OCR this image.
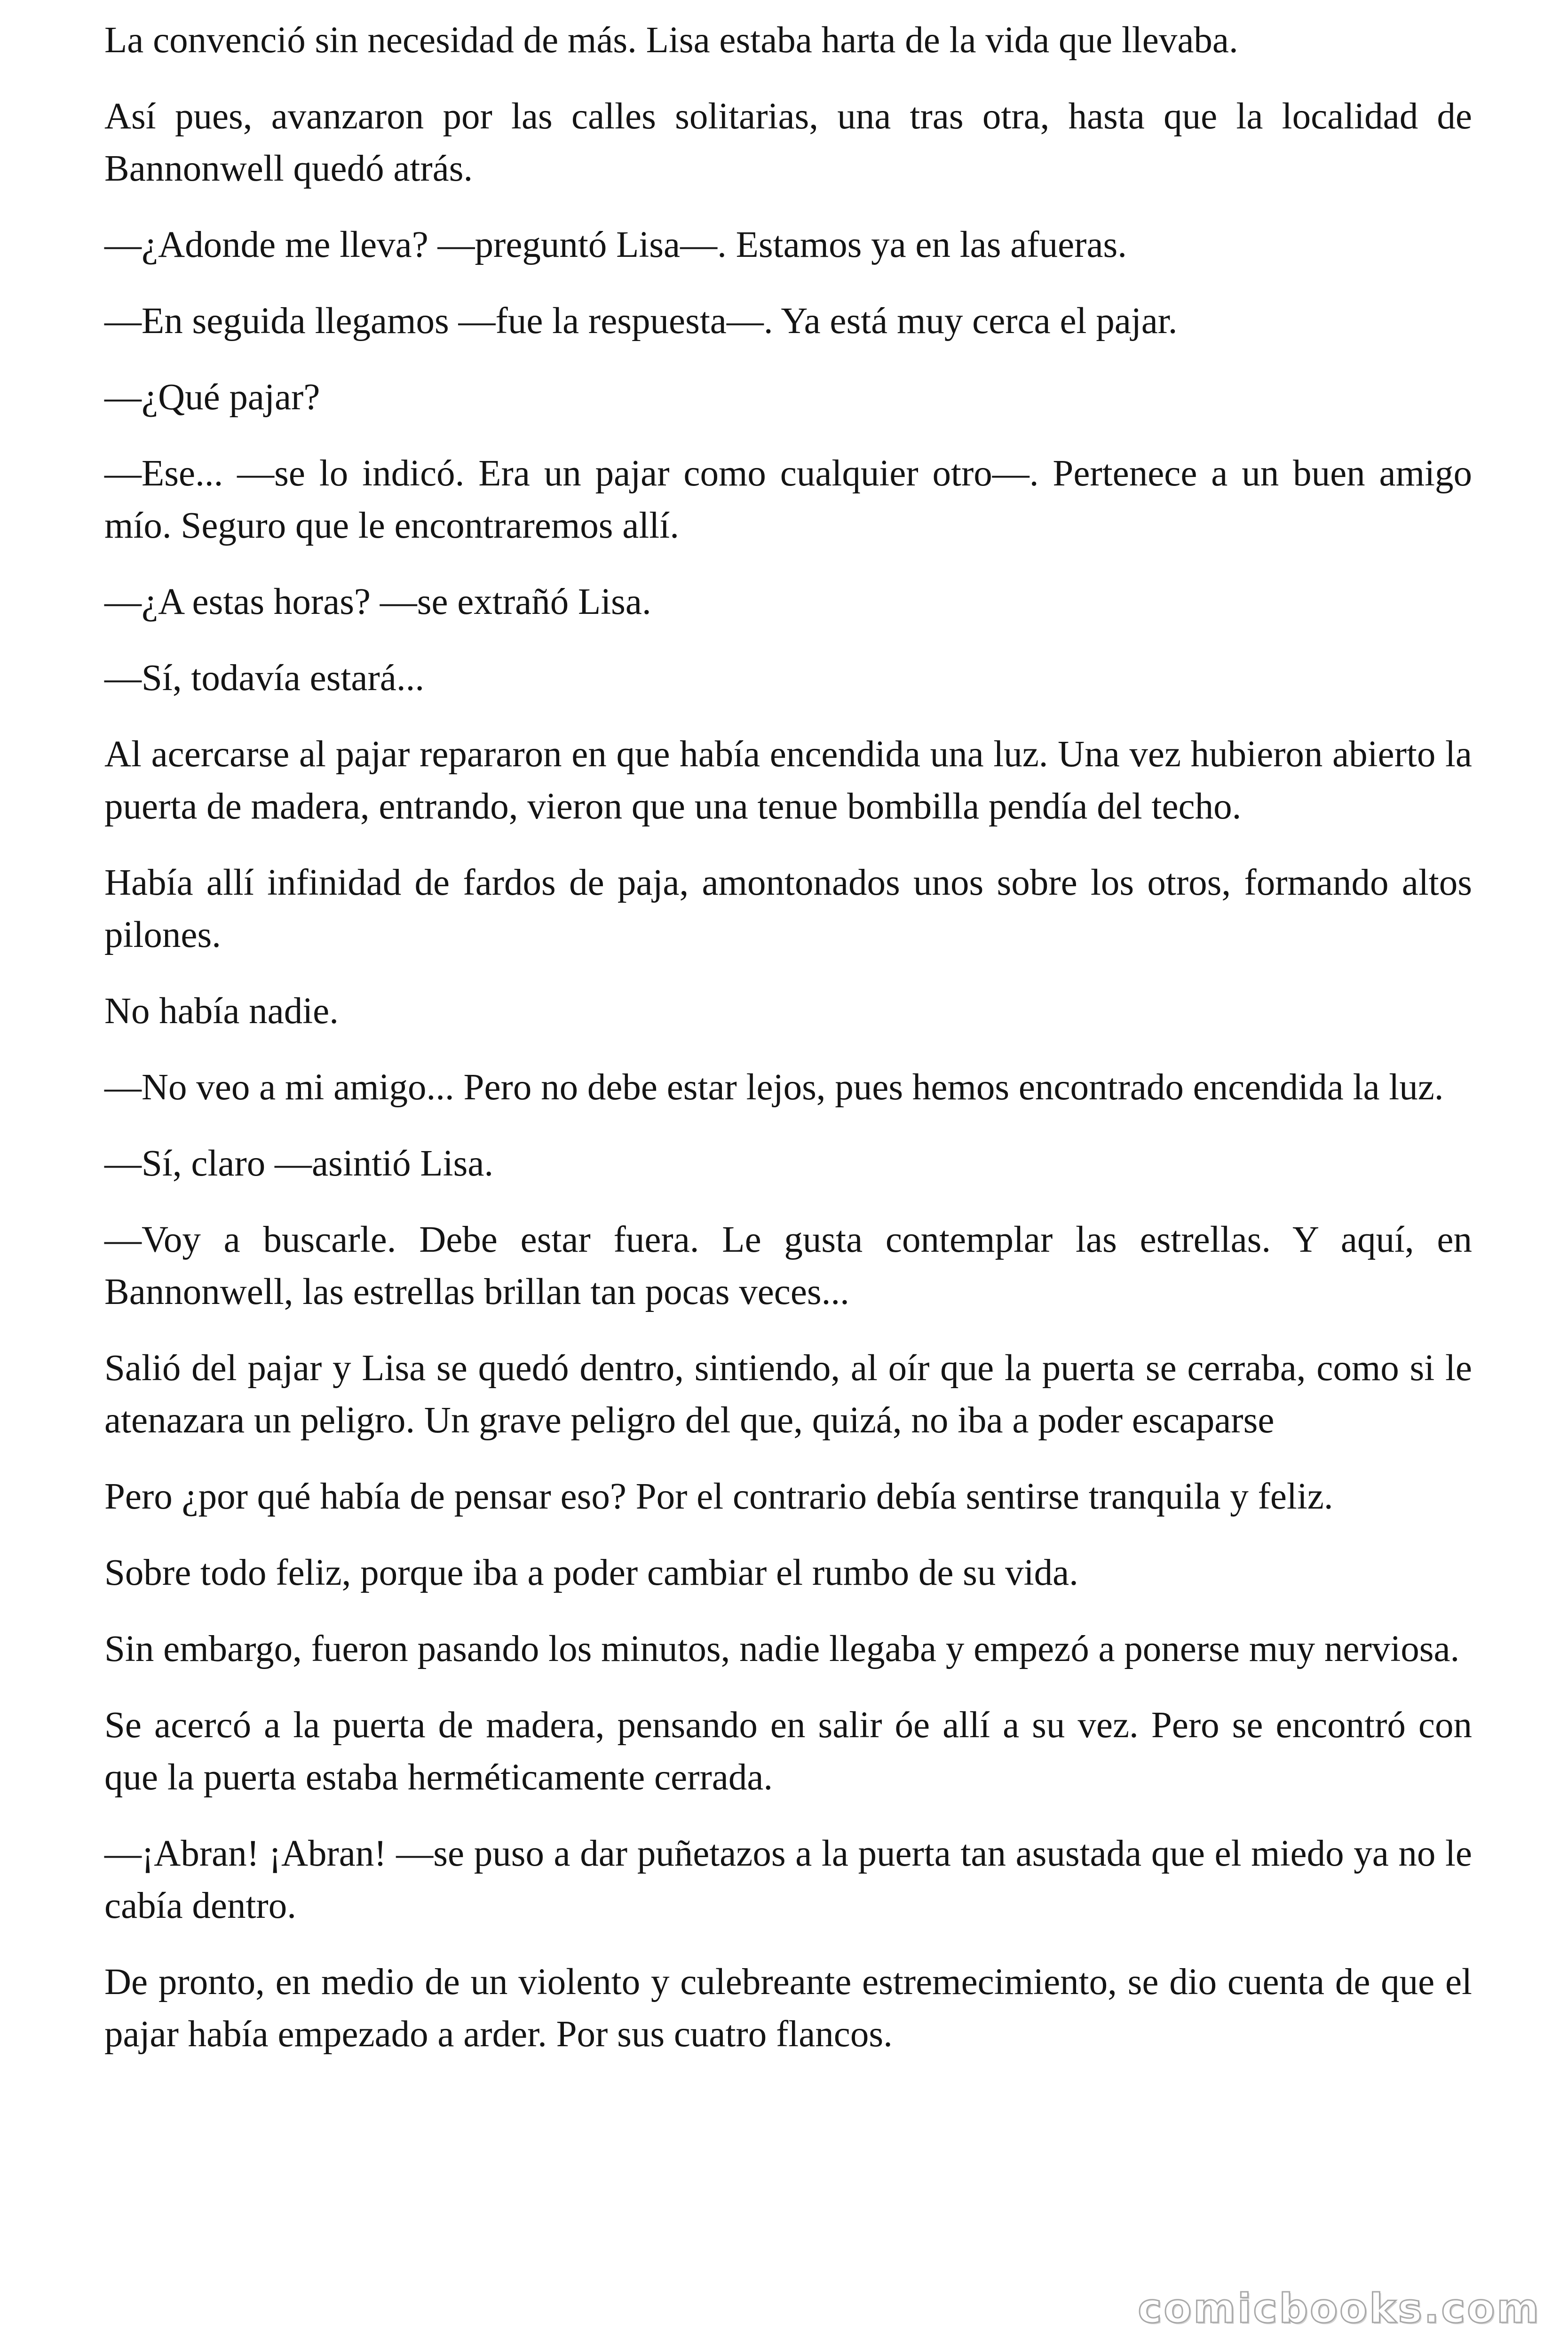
La convenció sin necesidad de más. Lisa estaba harta de la vida que llevaba.

Así pues, avanzaron por las calles solitarias, una tras otra, hasta que la localidad de Bannonwell quedó atrás.

—¿Adonde me lleva? —preguntó Lisa—. Estamos ya en las afueras.

—En seguida llegamos —fue la respuesta—. Ya está muy cerca el pajar.

—¿Qué pajar?

—Ese... —se lo indicó. Era un pajar como cualquier otro—. Pertenece a un buen amigo mío. Seguro que le encontraremos allí.

—¿A estas horas? —se extrañó Lisa.

—Sí, todavía estará...

Al acercarse al pajar repararon en que había encendida una luz. Una vez hubieron abierto la puerta de madera, entrando, vieron que una tenue bombilla pendía del techo.

Había allí infinidad de fardos de paja, amontonados unos sobre los otros, formando altos pilones.

No había nadie.

—No veo a mi amigo... Pero no debe estar lejos, pues hemos encontrado encendida la luz.

—Sí, claro —asintió Lisa.

—Voy a buscarle. Debe estar fuera. Le gusta contemplar las estrellas. Y aquí, en Bannonwell, las estrellas brillan tan pocas veces...

Salió del pajar y Lisa se quedó dentro, sintiendo, al oír que la puerta se cerraba, como si le atenazara un peligro. Un grave peligro del que, quizá, no iba a poder escaparse

Pero ¿por qué había de pensar eso? Por el contrario debía sentirse tranquila y feliz.

Sobre todo feliz, porque iba a poder cambiar el rumbo de su vida.

Sin embargo, fueron pasando los minutos, nadie llegaba y empezó a ponerse muy nerviosa.

Se acercó a la puerta de madera, pensando en salir óe allí a su vez. Pero se encontró con que la puerta estaba herméticamente cerrada.

—¡Abran! ¡Abran! —se puso a dar puñetazos a la puerta tan asustada que el miedo ya no le cabía dentro.

De pronto, en medio de un violento y culebreante estremecimiento, se dio cuenta de que el pajar había empezado a arder. Por sus cuatro flancos.

comicbooks.com
